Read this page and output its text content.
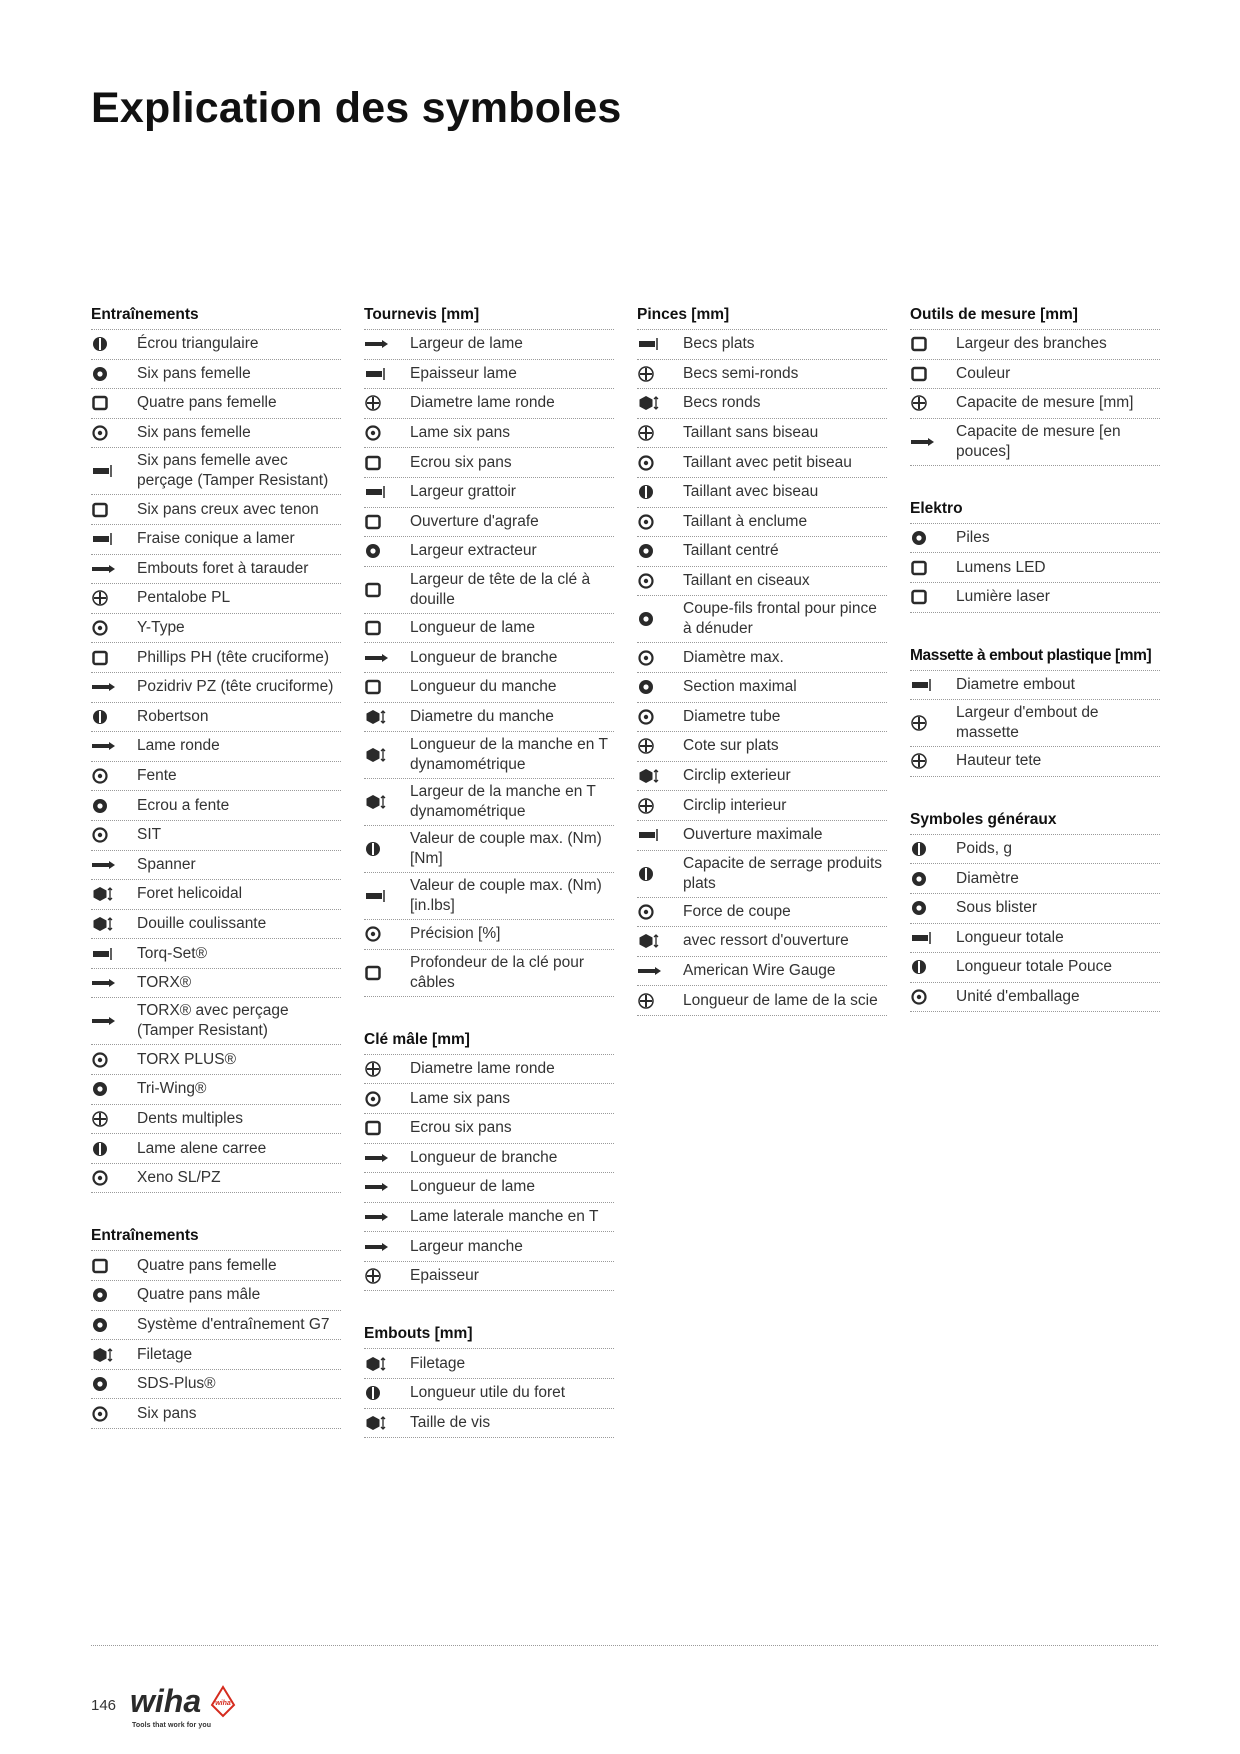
Explication des symboles
Entraînements
Écrou triangulaire
Six pans femelle
Quatre pans femelle
Six pans femelle
Six pans femelle avec perçage (Tamper Resistant)
Six pans creux avec tenon
Fraise conique a lamer
Embouts foret à tarauder
Pentalobe PL
Y-Type
Phillips PH (tête cruciforme)
Pozidriv PZ (tête cruciforme)
Robertson
Lame ronde
Fente
Ecrou a fente
SIT
Spanner
Foret helicoidal
Douille coulissante
Torq-Set®
TORX®
TORX® avec perçage (Tamper Resistant)
TORX PLUS®
Tri-Wing®
Dents multiples
Lame alene carree
Xeno SL/PZ
Entraînements
Quatre pans femelle
Quatre pans mâle
Système d'entraînement G7
Filetage
SDS-Plus®
Six pans
Tournevis [mm]
Largeur de lame
Epaisseur lame
Diametre lame ronde
Lame six pans
Ecrou six pans
Largeur grattoir
Ouverture d'agrafe
Largeur extracteur
Largeur de tête de la clé à douille
Longueur de lame
Longueur de branche
Longueur du manche
Diametre du manche
Longueur de la manche en T dynamométrique
Largeur de la manche en T dynamométrique
Valeur de couple max. (Nm) [Nm]
Valeur de couple max. (Nm) [in.lbs]
Précision [%]
Profondeur de la clé pour câbles
Clé mâle [mm]
Diametre lame ronde
Lame six pans
Ecrou six pans
Longueur de branche
Longueur de lame
Lame laterale manche en T
Largeur manche
Epaisseur
Embouts [mm]
Filetage
Longueur utile du foret
Taille de vis
Pinces [mm]
Becs plats
Becs semi-ronds
Becs ronds
Taillant sans biseau
Taillant avec petit biseau
Taillant avec biseau
Taillant à enclume
Taillant centré
Taillant en ciseaux
Coupe-fils frontal pour pince à dénuder
Diamètre max.
Section maximal
Diametre tube
Cote sur plats
Circlip exterieur
Circlip interieur
Ouverture maximale
Capacite de serrage produits plats
Force de coupe
avec ressort d'ouverture
American Wire Gauge
Longueur de lame de la scie
Outils de mesure [mm]
Largeur des branches
Couleur
Capacite de mesure [mm]
Capacite de mesure [en pouces]
Elektro
Piles
Lumens LED
Lumière laser
Massette à embout plastique [mm]
Diametre embout
Largeur d'embout de massette
Hauteur tete
Symboles généraux
Poids, g
Diamètre
Sous blister
Longueur totale
Longueur totale Pouce
Unité d'emballage
146 wiha wiha
Tools that work for you
